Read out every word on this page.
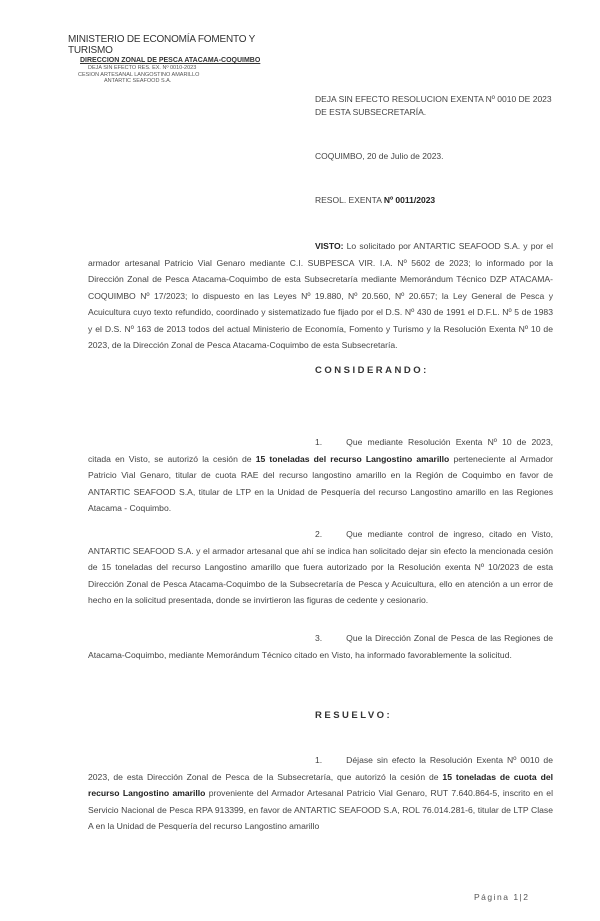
MINISTERIO DE ECONOMÍA FOMENTO Y TURISMO
DIRECCION ZONAL DE PESCA ATACAMA-COQUIMBO
DEJA SIN EFECTO RES. EX. Nº 0010-2023
CESION ARTESANAL LANGOSTINO AMARILLO
ANTARTIC SEAFOOD S.A.
DEJA SIN EFECTO RESOLUCION EXENTA Nº 0010 DE 2023 DE ESTA SUBSECRETARÍA.
COQUIMBO, 20 de Julio de 2023.
RESOL. EXENTA Nº 0011/2023
VISTO: Lo solicitado por ANTARTIC SEAFOOD S.A. y por el armador artesanal Patricio Vial Genaro mediante C.I. SUBPESCA VIR. I.A. Nº 5602 de 2023; lo informado por la Dirección Zonal de Pesca Atacama-Coquimbo de esta Subsecretaría mediante Memorándum Técnico DZP ATACAMA-COQUIMBO Nº 17/2023; lo dispuesto en las Leyes Nº 19.880, Nº 20.560, Nº 20.657; la Ley General de Pesca y Acuicultura cuyo texto refundido, coordinado y sistematizado fue fijado por el D.S. Nº 430 de 1991 el D.F.L. Nº 5 de 1983 y el D.S. Nº 163 de 2013 todos del actual Ministerio de Economía, Fomento y Turismo y la Resolución Exenta Nº 10 de 2023, de la Dirección Zonal de Pesca Atacama-Coquimbo de esta Subsecretaría.
CONSIDERANDO:
1.	Que mediante Resolución Exenta Nº 10 de 2023, citada en Visto, se autorizó la cesión de 15 toneladas del recurso Langostino amarillo perteneciente al Armador Patricio Vial Genaro, titular de cuota RAE del recurso langostino amarillo en la Región de Coquimbo en favor de ANTARTIC SEAFOOD S.A, titular de LTP en la Unidad de Pesquería del recurso Langostino amarillo en las Regiones Atacama - Coquimbo.
2.	Que mediante control de ingreso, citado en Visto, ANTARTIC SEAFOOD S.A. y el armador artesanal que ahí se indica han solicitado dejar sin efecto la mencionada cesión de 15 toneladas del recurso Langostino amarillo que fuera autorizado por la Resolución exenta Nº 10/2023 de esta Dirección Zonal de Pesca Atacama-Coquimbo de la Subsecretaría de Pesca y Acuicultura, ello en atención a un error de hecho en la solicitud presentada, donde se invirtieron las figuras de cedente y cesionario.
3.	Que la Dirección Zonal de Pesca de las Regiones de Atacama-Coquimbo, mediante Memorándum Técnico citado en Visto, ha informado favorablemente la solicitud.
RESUELVO:
1.	Déjase sin efecto la Resolución Exenta Nº 0010 de 2023, de esta Dirección Zonal de Pesca de la Subsecretaría, que autorizó la cesión de 15 toneladas de cuota del recurso Langostino amarillo proveniente del Armador Artesanal Patricio Vial Genaro, RUT 7.640.864-5, inscrito en el Servicio Nacional de Pesca RPA 913399, en favor de ANTARTIC SEAFOOD S.A, ROL 76.014.281-6, titular de LTP Clase A en la Unidad de Pesquería del recurso Langostino amarillo
Página 1|2
